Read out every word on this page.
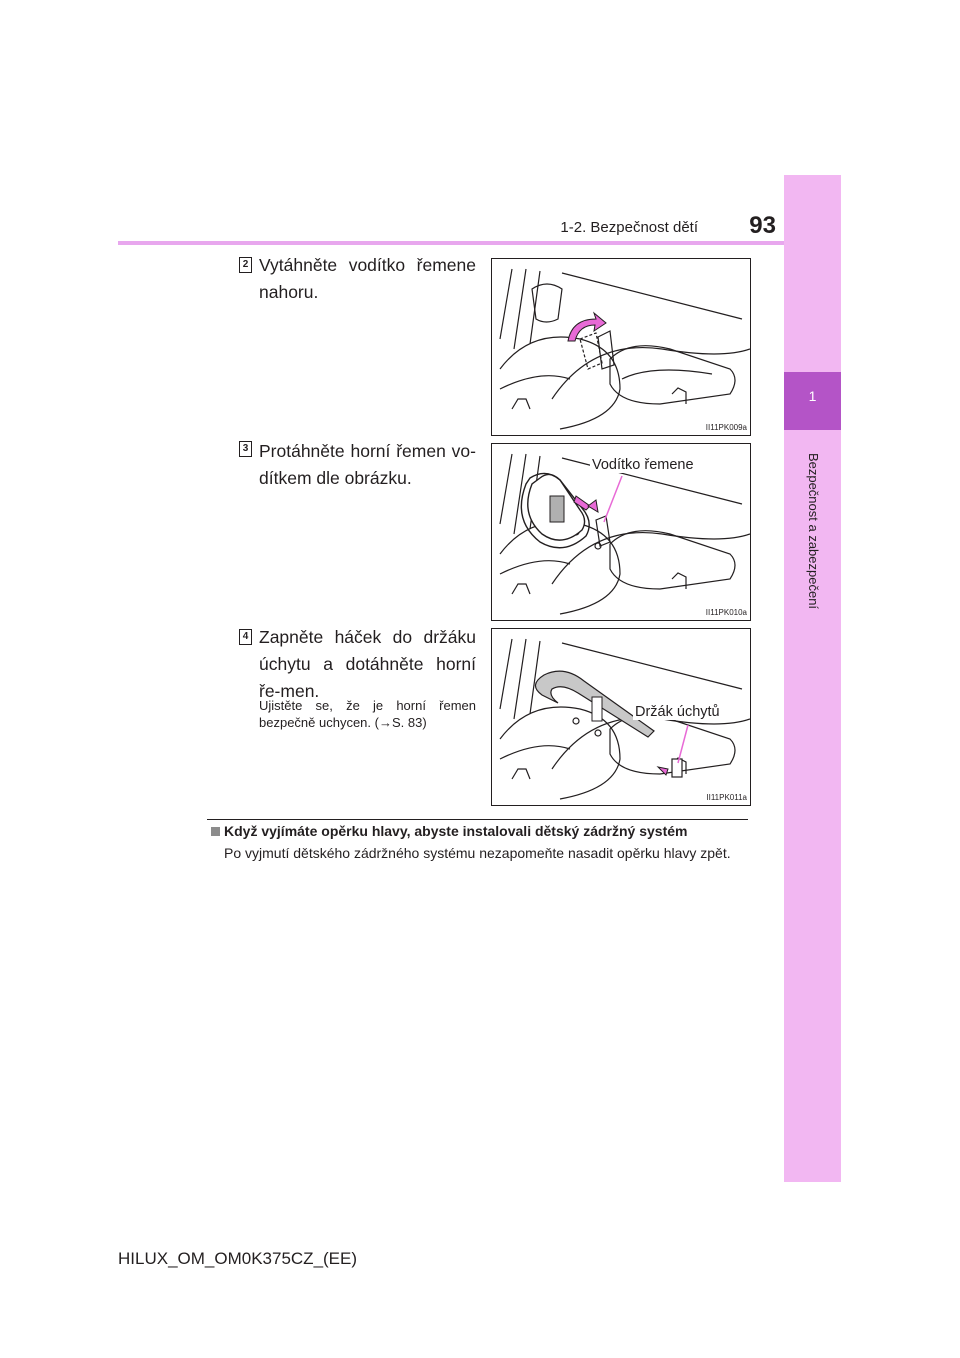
1-2. Bezpečnost dětí	93
1
Bezpečnost a zabezpečení
2 Vytáhněte vodítko řemene nahoru.
II11PK009a
3 Protáhněte horní řemen vo-dítkem dle obrázku.
Vodítko řemene
II11PK010a
4 Zapněte háček do držáku úchytu a dotáhněte horní ře-men.
Ujistěte se, že je horní řemen bezpečně uchycen. (→S. 83)
Držák úchytů
II11PK011a
Když vyjímáte opěrku hlavy, abyste instalovali dětský zádržný systém
Po vyjmutí dětského zádržného systému nezapomeňte nasadit opěrku hlavy zpět.
HILUX_OM_OM0K375CZ_(EE)
